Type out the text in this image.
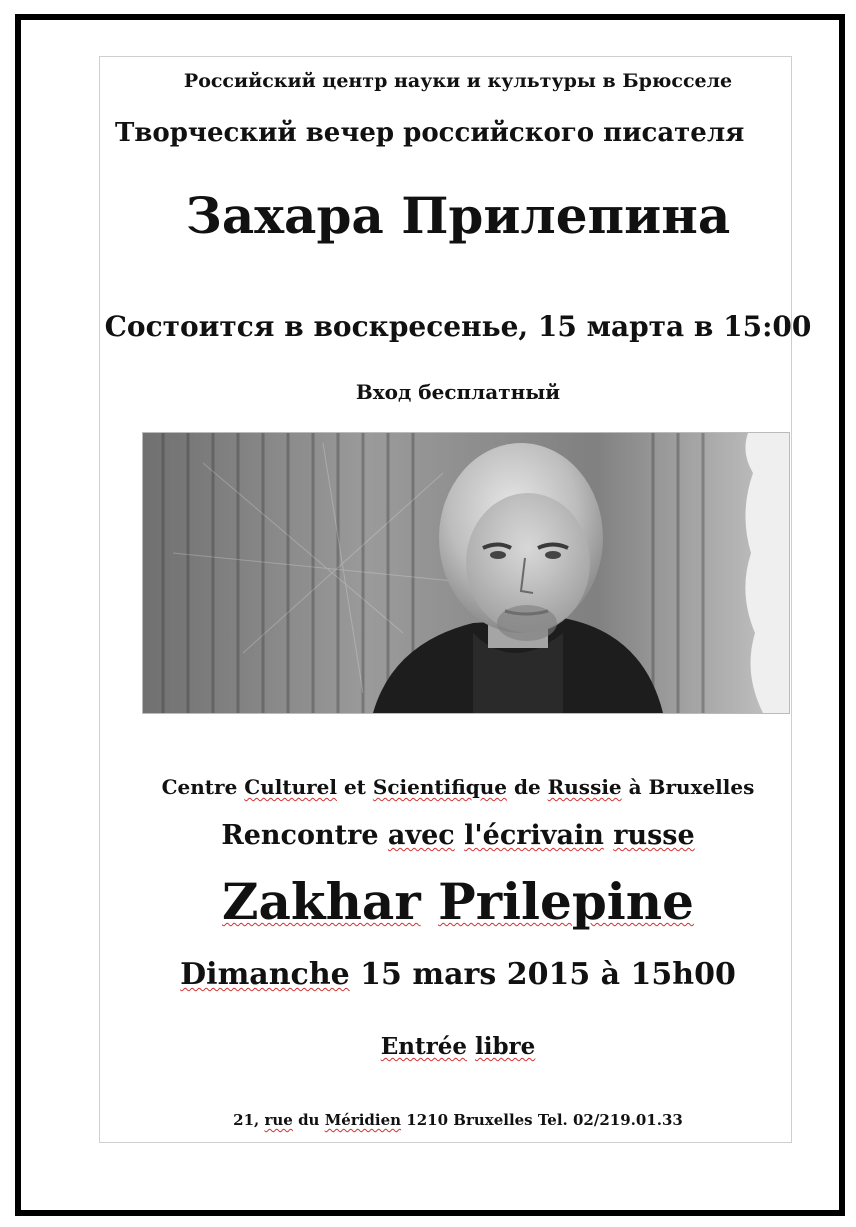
Российский центр науки и культуры в Брюсселе
Творческий вечер российского писателя
Захара Прилепина
Состоится в воскресенье, 15 марта в 15:00
Вход бесплатный
Centre Culturel et Scientifique de Russie à Bruxelles
Rencontre avec l'écrivain russe
Zakhar Prilepine
Dimanche 15 mars 2015 à 15h00
Entrée libre
21, rue du Méridien 1210 Bruxelles Tel. 02/219.01.33
